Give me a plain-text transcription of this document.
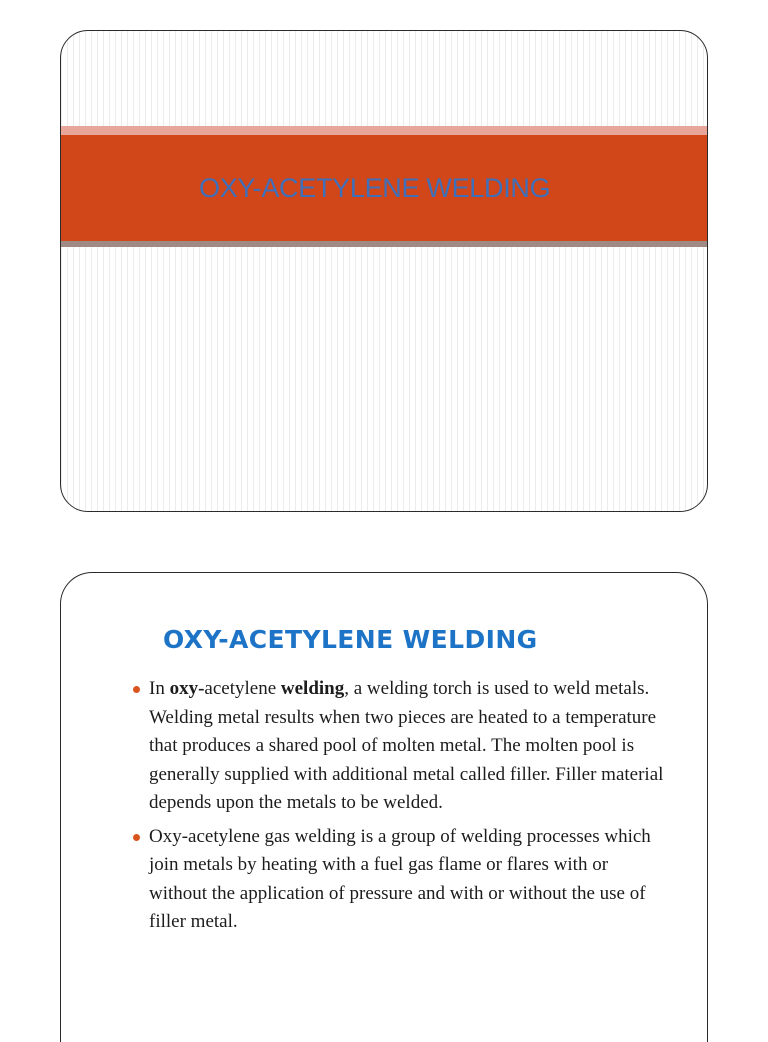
OXY-ACETYLENE WELDING
OXY-ACETYLENE WELDING
In oxy-acetylene welding, a welding torch is used to weld metals. Welding metal results when two pieces are heated to a temperature that produces a shared pool of molten metal. The molten pool is generally supplied with additional metal called filler. Filler material depends upon the metals to be welded.
Oxy-acetylene gas welding is a group of welding processes which join metals by heating with a fuel gas flame or flares with or without the application of pressure and with or without the use of filler metal.
